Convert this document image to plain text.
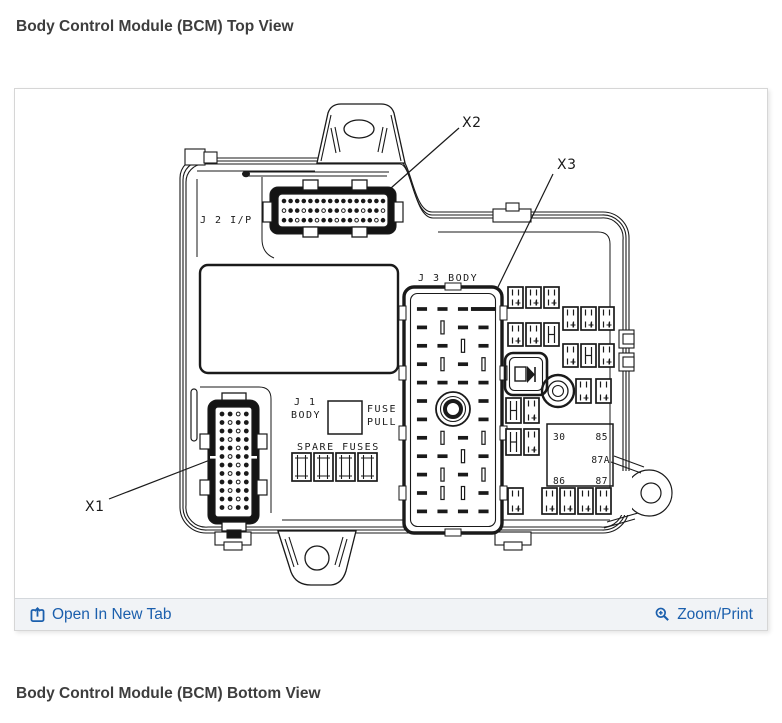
Body Control Module (BCM) Top View
X2
X3
X1
J 2 I/P
J 3 BODY
J 1
BODY
FUSE
PULL
SPARE FUSES
30	85
87A
86	87
Open In New Tab	Zoom/Print
Body Control Module (BCM) Bottom View
